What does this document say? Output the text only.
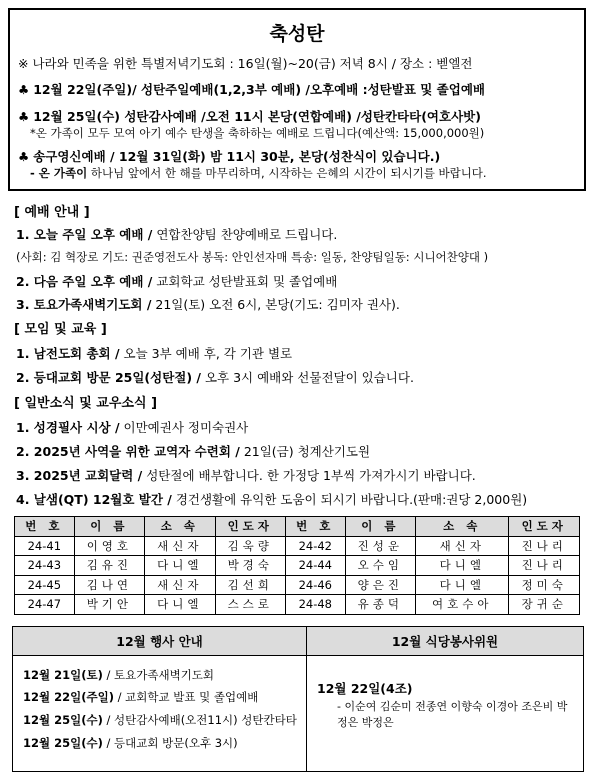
축성탄
※ 나라와 민족을 위한 특별저녁기도회 : 16일(월)~20(금) 저녁 8시 / 장소 : 벧엘전
♣ 12월 22일(주일)/ 성탄주일예배(1,2,3부 예배) /오후예배 :성탄발표 및 졸업예배
♣ 12월 25일(수) 성탄감사예배 /오전 11시 본당(연합예배) /성탄칸타타(여호사밧)
*온 가족이 모두 모여 아기 예수 탄생을 축하하는 예배로 드립니다(예산액: 15,000,000원)
♣ 송구영신예배 / 12월 31일(화) 밤 11시 30분, 본당(성찬식이 있습니다.)
- 온 가족이 하나님 앞에서 한 해를 마무리하며, 시작하는 은혜의 시간이 되시기를 바랍니다.
[ 예배 안내 ]
1. 오늘 주일 오후 예배 / 연합찬양팀 찬양예배로 드립니다.
(사회: 김 혁장로 기도: 권준영전도사 봉독: 안인선자매 특송: 일동, 찬양팀일동: 시니어찬양대 )
2. 다음 주일 오후 예배 / 교회학교 성탄발표회 및 졸업예배
3. 토요가족새벽기도회 / 21일(토) 오전 6시, 본당(기도: 김미자 권사).
[ 모임 및 교육 ]
1. 남전도회 총회 / 오늘 3부 예배 후, 각 기관 별로
2. 등대교회 방문 25일(성탄절) / 오후 3시 예배와 선물전달이 있습니다.
[ 일반소식 및 교우소식 ]
1. 성경필사 시상 / 이만예권사 정미숙권사
2. 2025년 사역을 위한 교역자 수련회 / 21일(금) 청계산기도원
3. 2025년 교회달력 / 성탄절에 배부합니다. 한 가정당 1부씩 가져가시기 바랍니다.
4. 날샘(QT) 12월호 발간 / 경건생활에 유익한 도움이 되시기 바랍니다.(판매:권당 2,000원)
번 호	이 름	소 속	인도자	번 호	이 름	소 속	인도자
24-41	이영호	새신자	김욱량	24-42	진성운	새신자	진나리
24-43	김유진	다니엘	박경숙	24-44	오수임	다니엘	진나리
24-45	김나연	새신자	김선희	24-46	양은진	다니엘	정미숙
24-47	박기안	다니엘	스스로	24-48	유종덕	여호수아	장귀순
12월 행사 안내
12월 21일(토) / 토요가족새벽기도회
12월 22일(주일) / 교회학교 발표 및 졸업예배
12월 25일(수) / 성탄감사예배(오전11시) 성탄칸타타
12월 25일(수) / 등대교회 방문(오후 3시)
12월 식당봉사위원
12월 22일(4조)
- 이순여 김순미 전종연 이향숙 이경아 조은비 박정은 박정은
